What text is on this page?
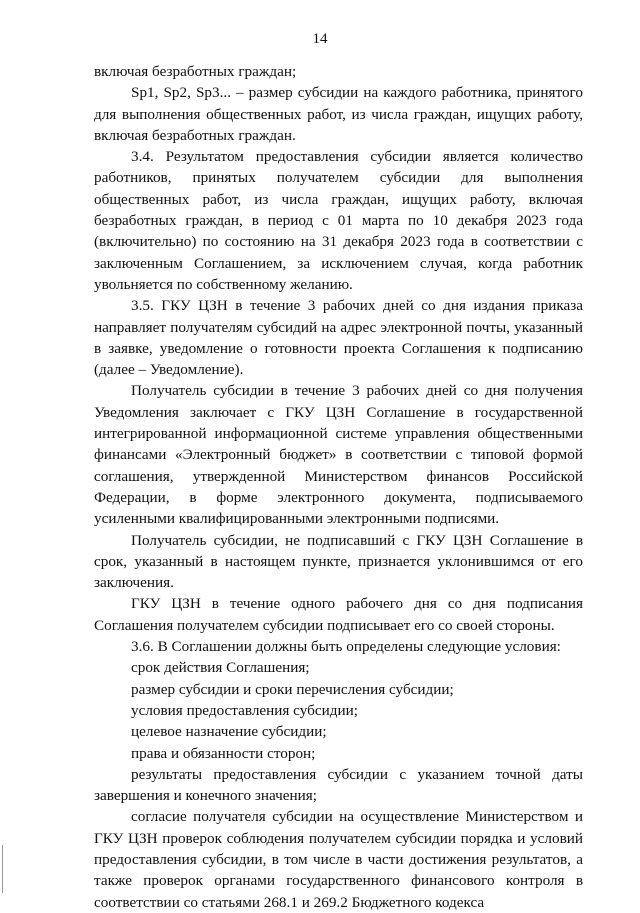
14

включая безработных граждан;

Sp1, Sp2, Sp3... – размер субсидии на каждого работника, принятого для выполнения общественных работ, из числа граждан, ищущих работу, включая безработных граждан.

3.4. Результатом предоставления субсидии является количество работников, принятых получателем субсидии для выполнения общественных работ, из числа граждан, ищущих работу, включая безработных граждан, в период с 01 марта по 10 декабря 2023 года (включительно) по состоянию на 31 декабря 2023 года в соответствии с заключенным Соглашением, за исключением случая, когда работник увольняется по собственному желанию.

3.5. ГКУ ЦЗН в течение 3 рабочих дней со дня издания приказа направляет получателям субсидий на адрес электронной почты, указанный в заявке, уведомление о готовности проекта Соглашения к подписанию (далее – Уведомление).

Получатель субсидии в течение 3 рабочих дней со дня получения Уведомления заключает с ГКУ ЦЗН Соглашение в государственной интегрированной информационной системе управления общественными финансами «Электронный бюджет» в соответствии с типовой формой соглашения, утвержденной Министерством финансов Российской Федерации, в форме электронного документа, подписываемого усиленными квалифицированными электронными подписями.

Получатель субсидии, не подписавший с ГКУ ЦЗН Соглашение в срок, указанный в настоящем пункте, признается уклонившимся от его заключения.

ГКУ ЦЗН в течение одного рабочего дня со дня подписания Соглашения получателем субсидии подписывает его со своей стороны.

3.6. В Соглашении должны быть определены следующие условия:

срок действия Соглашения;

размер субсидии и сроки перечисления субсидии;

условия предоставления субсидии;

целевое назначение субсидии;

права и обязанности сторон;

результаты предоставления субсидии с указанием точной даты завершения и конечного значения;

согласие получателя субсидии на осуществление Министерством и ГКУ ЦЗН проверок соблюдения получателем субсидии порядка и условий предоставления субсидии, в том числе в части достижения результатов, а также проверок органами государственного финансового контроля в соответствии со статьями 268.1 и 269.2 Бюджетного кодекса
